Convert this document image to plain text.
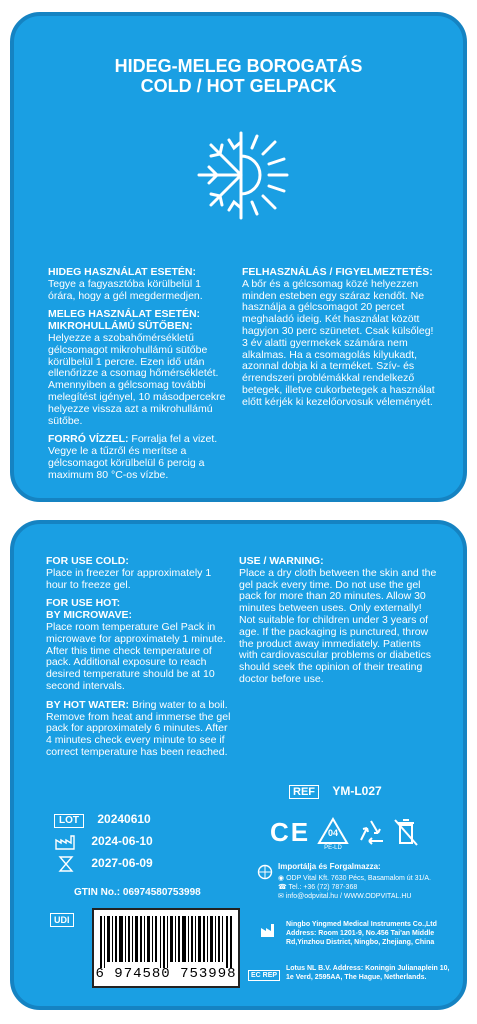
HIDEG-MELEG BOROGATÁS
COLD / HOT GELPACK

HIDEG HASZNÁLAT ESETÉN:
Tegye a fagyasztóba körülbelül 1 órára, hogy a gél megdermedjen.

MELEG HASZNÁLAT ESETÉN:
MIKROHULLÁMÚ SÜTŐBEN:
Helyezze a szobahőmérsékletű gélcsomagot mikrohullámú sütőbe körülbelül 1 percre. Ezen idő után ellenőrizze a csomag hőmérsékletét. Amennyiben a gélcsomag további melegítést igényel, 10 másodpercekre helyezze vissza azt a mikrohullámú sütőbe.

FORRÓ VÍZZEL: Forralja fel a vizet.
Vegye le a tűzről és merítse a gélcsomagot körülbelül 6 percig a maximum 80 °C-os vízbe.

FELHASZNÁLÁS / FIGYELMEZTETÉS:
A bőr és a gélcsomag közé helyezzen minden esteben egy száraz kendőt. Ne használja a gélcsomagot 20 percet meghaladó ideig. Két használat között hagyjon 30 perc szünetet. Csak külsőleg! 3 év alatti gyermekek számára nem alkalmas. Ha a csomagolás kilyukadt, azonnal dobja ki a terméket. Szív- és érrendszeri problémákkal rendelkező betegek, illetve cukorbetegek a használat előtt kérjék ki kezelőorvosuk véleményét.

FOR USE COLD:
Place in freezer for approximately 1 hour to freeze gel.

FOR USE HOT:
BY MICROWAVE:
Place room temperature Gel Pack in microwave for approximately 1 minute. After this time check temperature of pack. Additional exposure to reach desired temperature should be at 10 second intervals.

BY HOT WATER: Bring water to a boil. Remove from heat and immerse the gel pack for approximately 6 minutes. After 4 minutes check every minute to see if correct temperature has been reached.

USE / WARNING:
Place a dry cloth between the skin and the gel pack every time. Do not use the gel pack for more than 20 minutes. Allow 30 minutes between uses. Only externally! Not suitable for children under 3 years of age. If the packaging is punctured, throw the product away immediately. Patients with cardiovascular problems or diabetics should seek the opinion of their treating doctor before use.

REF YM-L027
LOT 20240610
2024-06-10
2027-06-09
GTIN No.: 06974580753998
UDI
6 974580 753998
CE	04
PE-LD
Importálja és Forgalmazza:
◉ ODP Vital Kft. 7630 Pécs, Basamalom út 31/A.
☎ Tel.: +36 (72) 787-368
✉ info@odpvital.hu / WWW.ODPVITAL.HU
Ningbo Yingmed Medical Instruments Co.,Ltd Address: Room 1201-9, No.456 Tai'an Middle Rd,Yinzhou District, Ningbo, Zhejiang, China
EC REP
Lotus NL B.V. Address: Koningin Julianaplein 10, 1e Verd, 2595AA, The Hague, Netherlands.
